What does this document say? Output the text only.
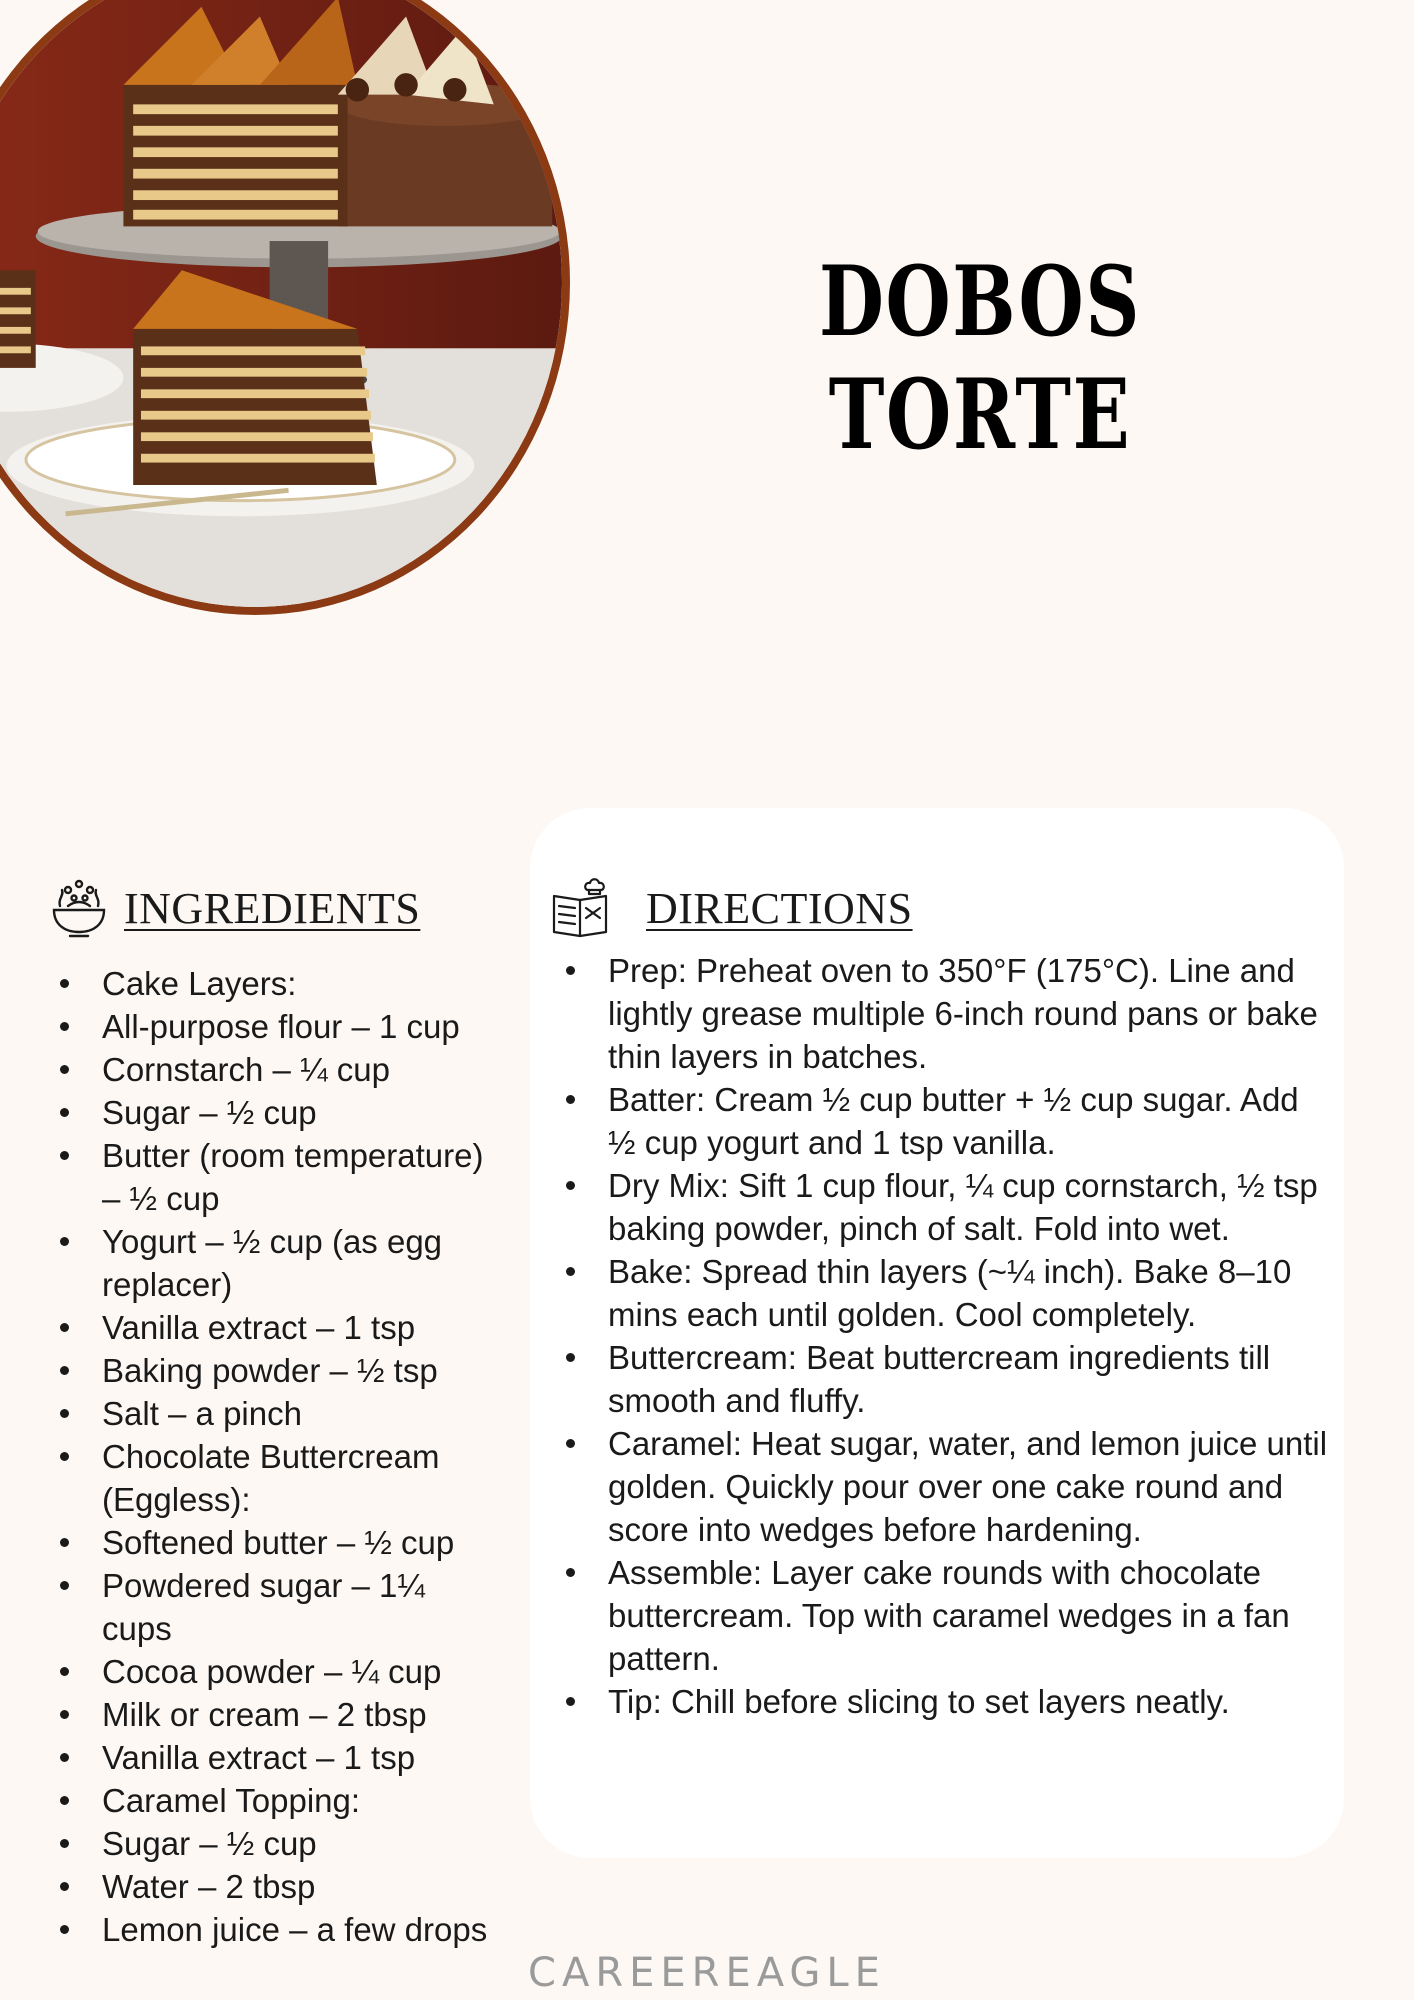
DOBOS TORTE
INGREDIENTS
Cake Layers:
All-purpose flour – 1 cup
Cornstarch – ¼ cup
Sugar – ½ cup
Butter (room temperature) – ½ cup
Yogurt – ½ cup (as egg replacer)
Vanilla extract – 1 tsp
Baking powder – ½ tsp
Salt – a pinch
Chocolate Buttercream (Eggless):
Softened butter – ½ cup
Powdered sugar – 1¼ cups
Cocoa powder – ¼ cup
Milk or cream – 2 tbsp
Vanilla extract – 1 tsp
Caramel Topping:
Sugar – ½ cup
Water – 2 tbsp
Lemon juice – a few drops
DIRECTIONS
Prep: Preheat oven to 350°F (175°C). Line and lightly grease multiple 6-inch round pans or bake thin layers in batches.
Batter: Cream ½ cup butter + ½ cup sugar. Add ½ cup yogurt and 1 tsp vanilla.
Dry Mix: Sift 1 cup flour, ¼ cup cornstarch, ½ tsp baking powder, pinch of salt. Fold into wet.
Bake: Spread thin layers (~¼ inch). Bake 8–10 mins each until golden. Cool completely.
Buttercream: Beat buttercream ingredients till smooth and fluffy.
Caramel: Heat sugar, water, and lemon juice until golden. Quickly pour over one cake round and score into wedges before hardening.
Assemble: Layer cake rounds with chocolate buttercream. Top with caramel wedges in a fan pattern.
Tip: Chill before slicing to set layers neatly.
CAREEREAGLE
